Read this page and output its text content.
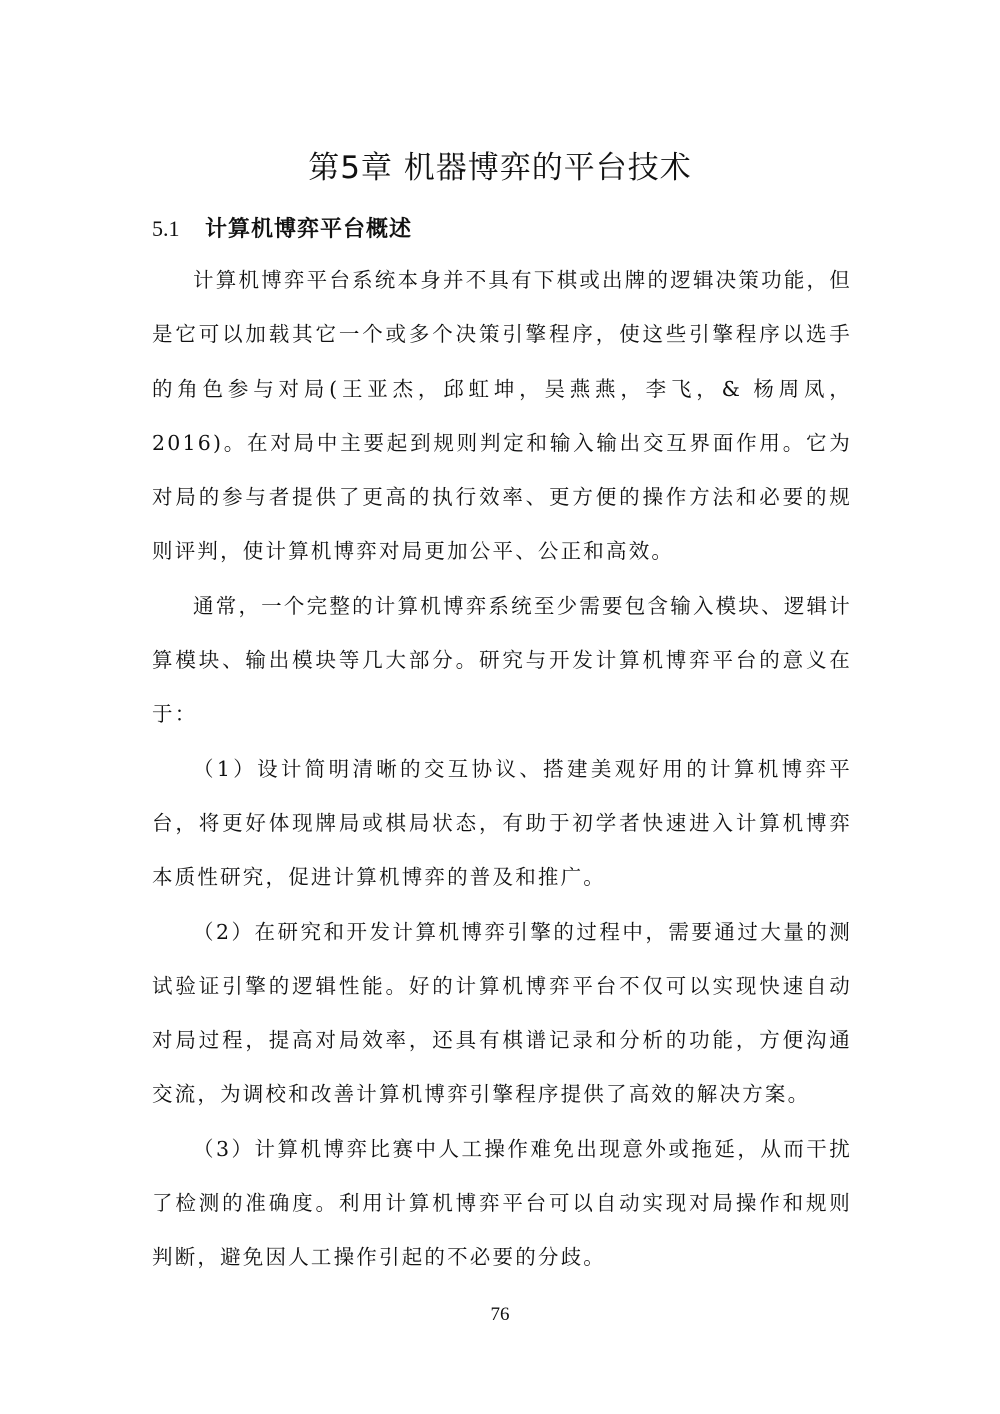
第5章 机器博弈的平台技术
5.1 计算机博弈平台概述

计算机博弈平台系统本身并不具有下棋或出牌的逻辑决策功能，但是它可以加载其它一个或多个决策引擎程序，使这些引擎程序以选手的角色参与对局(王亚杰，邱虹坤，吴燕燕，李飞，& 杨周凤，2016)。在对局中主要起到规则判定和输入输出交互界面作用。它为对局的参与者提供了更高的执行效率、更方便的操作方法和必要的规则评判，使计算机博弈对局更加公平、公正和高效。

通常，一个完整的计算机博弈系统至少需要包含输入模块、逻辑计算模块、输出模块等几大部分。研究与开发计算机博弈平台的意义在于：

（1）设计简明清晰的交互协议、搭建美观好用的计算机博弈平台，将更好体现牌局或棋局状态，有助于初学者快速进入计算机博弈本质性研究，促进计算机博弈的普及和推广。

（2）在研究和开发计算机博弈引擎的过程中，需要通过大量的测试验证引擎的逻辑性能。好的计算机博弈平台不仅可以实现快速自动对局过程，提高对局效率，还具有棋谱记录和分析的功能，方便沟通交流，为调校和改善计算机博弈引擎程序提供了高效的解决方案。

（3）计算机博弈比赛中人工操作难免出现意外或拖延，从而干扰了检测的准确度。利用计算机博弈平台可以自动实现对局操作和规则判断，避免因人工操作引起的不必要的分歧。

76
